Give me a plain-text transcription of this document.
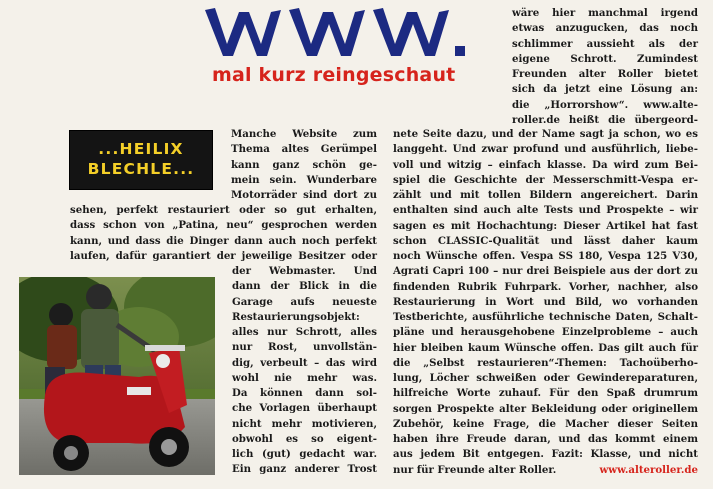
mal kurz reingeschaut
...HEILIX
BLECHLE...
wäre hier manchmal irgend
etwas anzugucken, das noch
schlimmer aussieht als der
eigene Schrott. Zumindest
Freunden alter Roller bietet
sich da jetzt eine Lösung an:
die „Horrorshow“. www.alte-
roller.de heißt die übergeord-
Manche Website zum
Thema altes Gerümpel
kann ganz schön ge-
mein sein. Wunderbare
Motorräder sind dort zu
sehen, perfekt restauriert oder so gut erhalten,
dass schon von „Patina, neu“ gesprochen werden
kann, und dass die Dinger dann auch noch perfekt
laufen, dafür garantiert der jeweilige Besitzer oder
der Webmaster. Und
dann der Blick in die
Garage aufs neueste
Restaurierungsobjekt:
alles nur Schrott, alles
nur Rost, unvollstän-
dig, verbeult – das wird
wohl nie mehr was.
Da können dann sol-
che Vorlagen überhaupt
nicht mehr motivieren,
obwohl es so eigent-
lich (gut) gedacht war.
Ein ganz anderer Trost
nete Seite dazu, und der Name sagt ja schon, wo es
langgeht. Und zwar profund und ausführlich, liebe-
voll und witzig – einfach klasse. Da wird zum Bei-
spiel die Geschichte der Messerschmitt-Vespa er-
zählt und mit tollen Bildern angereichert. Darin
enthalten sind auch alte Tests und Prospekte – wir
sagen es mit Hochachtung: Dieser Artikel hat fast
schon CLASSIC-Qualität und lässt daher kaum
noch Wünsche offen. Vespa SS 180, Vespa 125 V30,
Agrati Capri 100 – nur drei Beispiele aus der dort zu
findenden Rubrik Fuhrpark. Vorher, nachher, also
Restaurierung in Wort und Bild, wo vorhanden
Testberichte, ausführliche technische Daten, Schalt-
pläne und herausgehobene Einzelprobleme – auch
hier bleiben kaum Wünsche offen. Das gilt auch für
die „Selbst restaurieren“-Themen: Tachoüberho-
lung, Löcher schweißen oder Gewindereparaturen,
hilfreiche Worte zuhauf. Für den Spaß drumrum
sorgen Prospekte alter Bekleidung oder originellem
Zubehör, keine Frage, die Macher dieser Seiten
haben ihre Freude daran, und das kommt einem
aus jedem Bit entgegen. Fazit: Klasse, und nicht
nur für Freunde alter Roller.	www.alteroller.de
